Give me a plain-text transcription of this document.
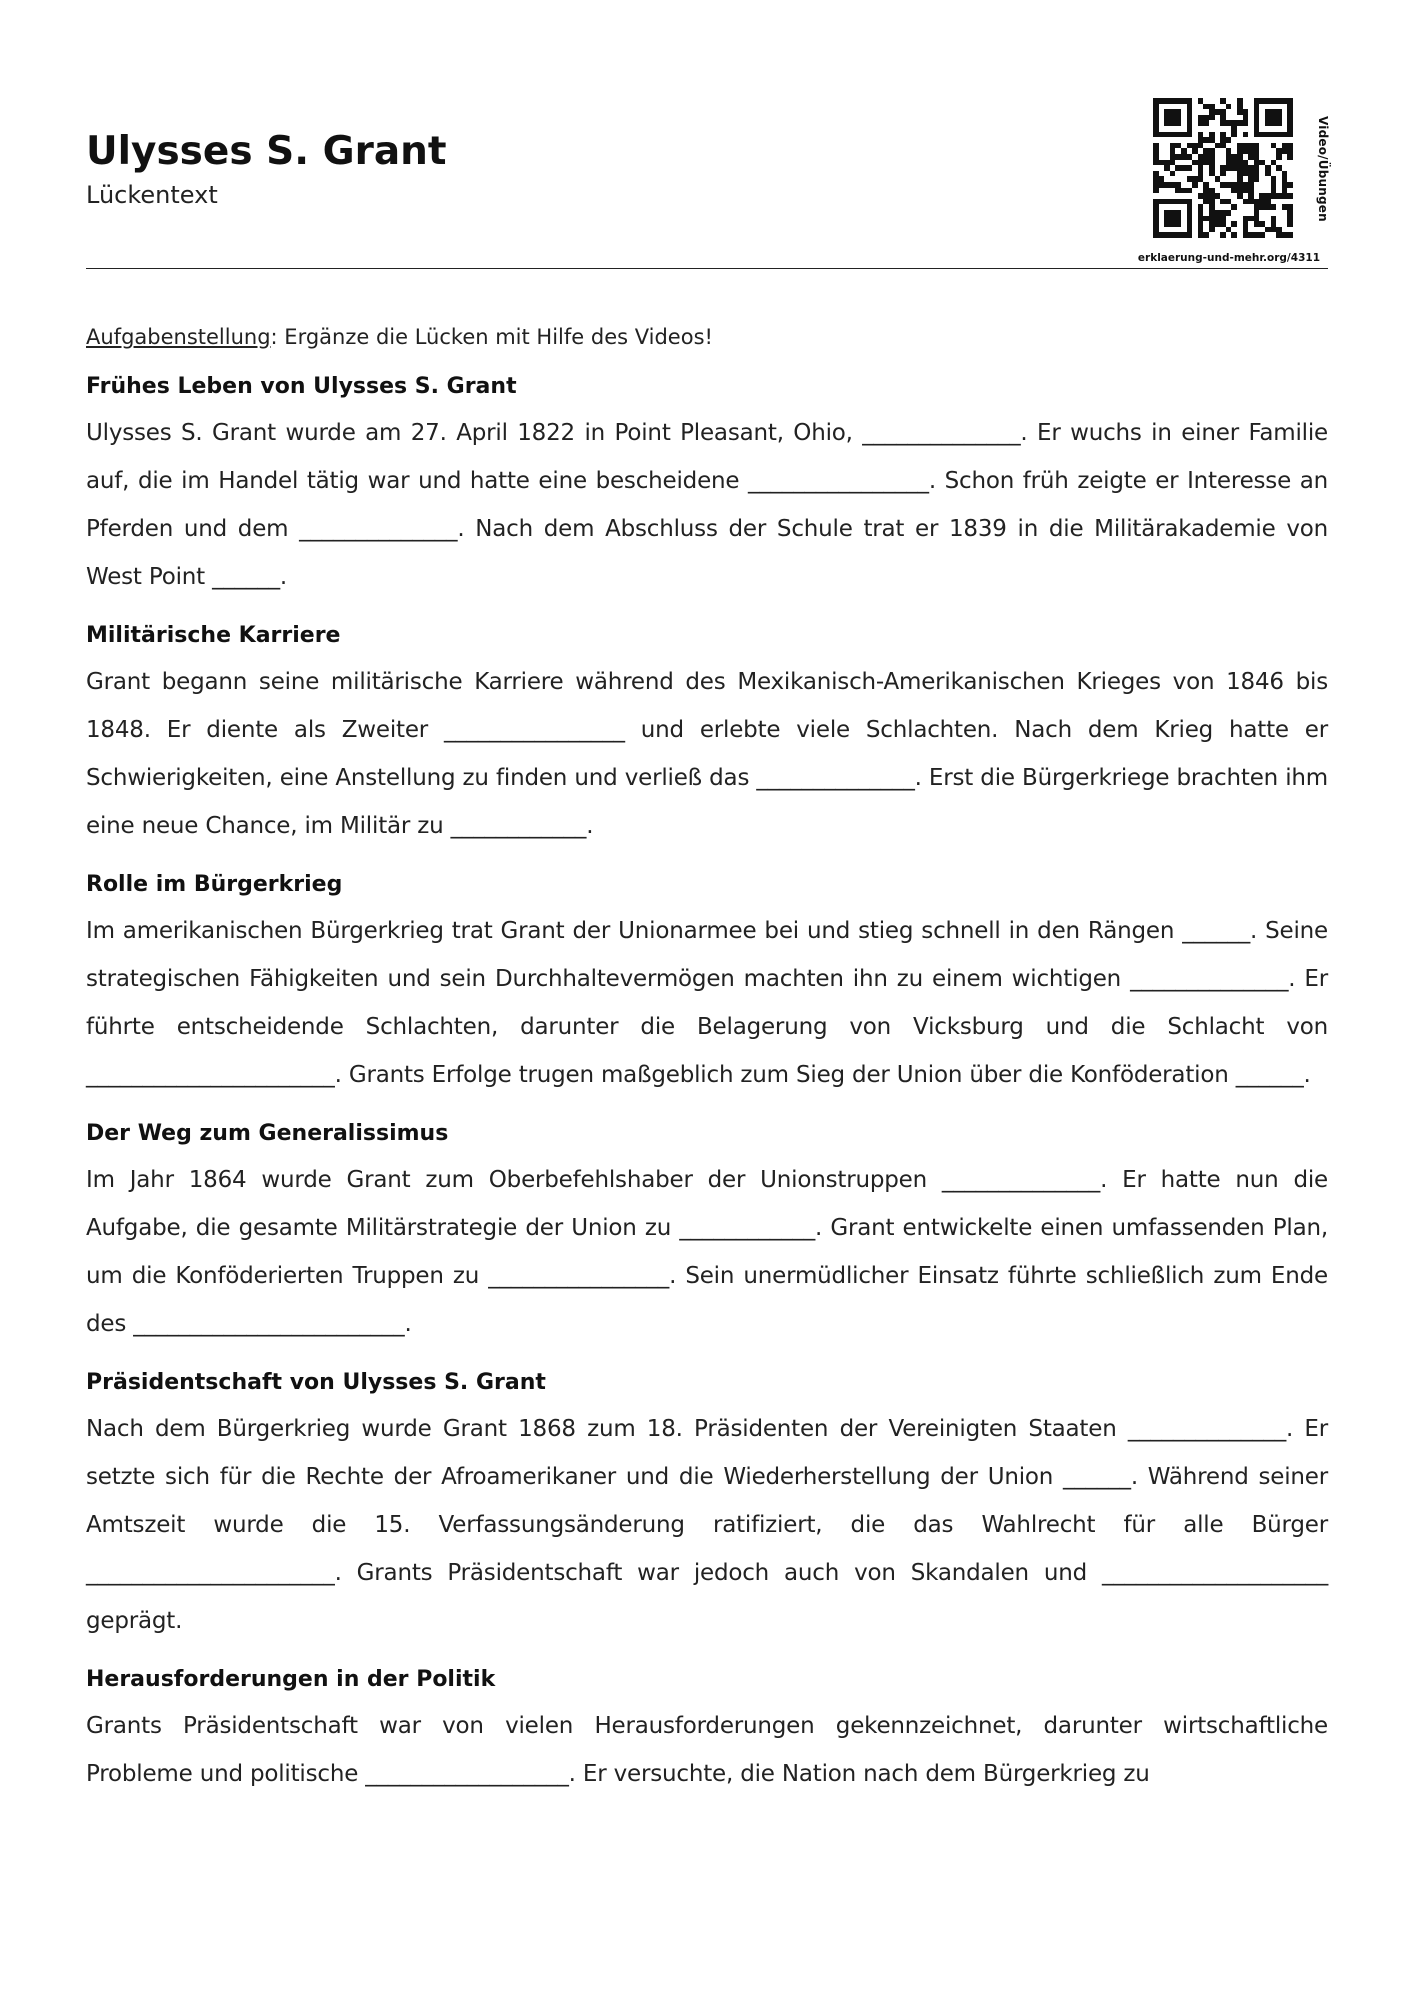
Ulysses S. Grant
Lückentext	Video/Übungen
erklaerung-und-mehr.org/4311

Aufgabenstellung: Ergänze die Lücken mit Hilfe des Videos!

Frühes Leben von Ulysses S. Grant

Ulysses S. Grant wurde am 27. April 1822 in Point Pleasant, Ohio, ______________. Er wuchs in einer Familie auf, die im Handel tätig war und hatte eine bescheidene ________________. Schon früh zeigte er Interesse an Pferden und dem ______________. Nach dem Abschluss der Schule trat er 1839 in die Militärakademie von West Point ______.

Militärische Karriere

Grant begann seine militärische Karriere während des Mexikanisch-Amerikanischen Krieges von 1846 bis 1848. Er diente als Zweiter ________________ und erlebte viele Schlachten. Nach dem Krieg hatte er Schwierigkeiten, eine Anstellung zu finden und verließ das ______________. Erst die Bürgerkriege brachten ihm eine neue Chance, im Militär zu ____________.

Rolle im Bürgerkrieg

Im amerikanischen Bürgerkrieg trat Grant der Unionarmee bei und stieg schnell in den Rängen ______. Seine strategischen Fähigkeiten und sein Durchhaltevermögen machten ihn zu einem wichtigen ______________. Er führte entscheidende Schlachten, darunter die Belagerung von Vicksburg und die Schlacht von ______________________. Grants Erfolge trugen maßgeblich zum Sieg der Union über die Konföderation ______.

Der Weg zum Generalissimus

Im Jahr 1864 wurde Grant zum Oberbefehlshaber der Unionstruppen ______________. Er hatte nun die Aufgabe, die gesamte Militärstrategie der Union zu ____________. Grant entwickelte einen umfassenden Plan, um die Konföderierten Truppen zu ________________. Sein unermüdlicher Einsatz führte schließlich zum Ende des ________________________.

Präsidentschaft von Ulysses S. Grant

Nach dem Bürgerkrieg wurde Grant 1868 zum 18. Präsidenten der Vereinigten Staaten ______________. Er setzte sich für die Rechte der Afroamerikaner und die Wiederherstellung der Union ______. Während seiner Amtszeit wurde die 15. Verfassungsänderung ratifiziert, die das Wahlrecht für alle Bürger ______________________. Grants Präsidentschaft war jedoch auch von Skandalen und ____________________ geprägt.

Herausforderungen in der Politik

Grants Präsidentschaft war von vielen Herausforderungen gekennzeichnet, darunter wirtschaftliche Probleme und politische __________________. Er versuchte, die Nation nach dem Bürgerkrieg zu
